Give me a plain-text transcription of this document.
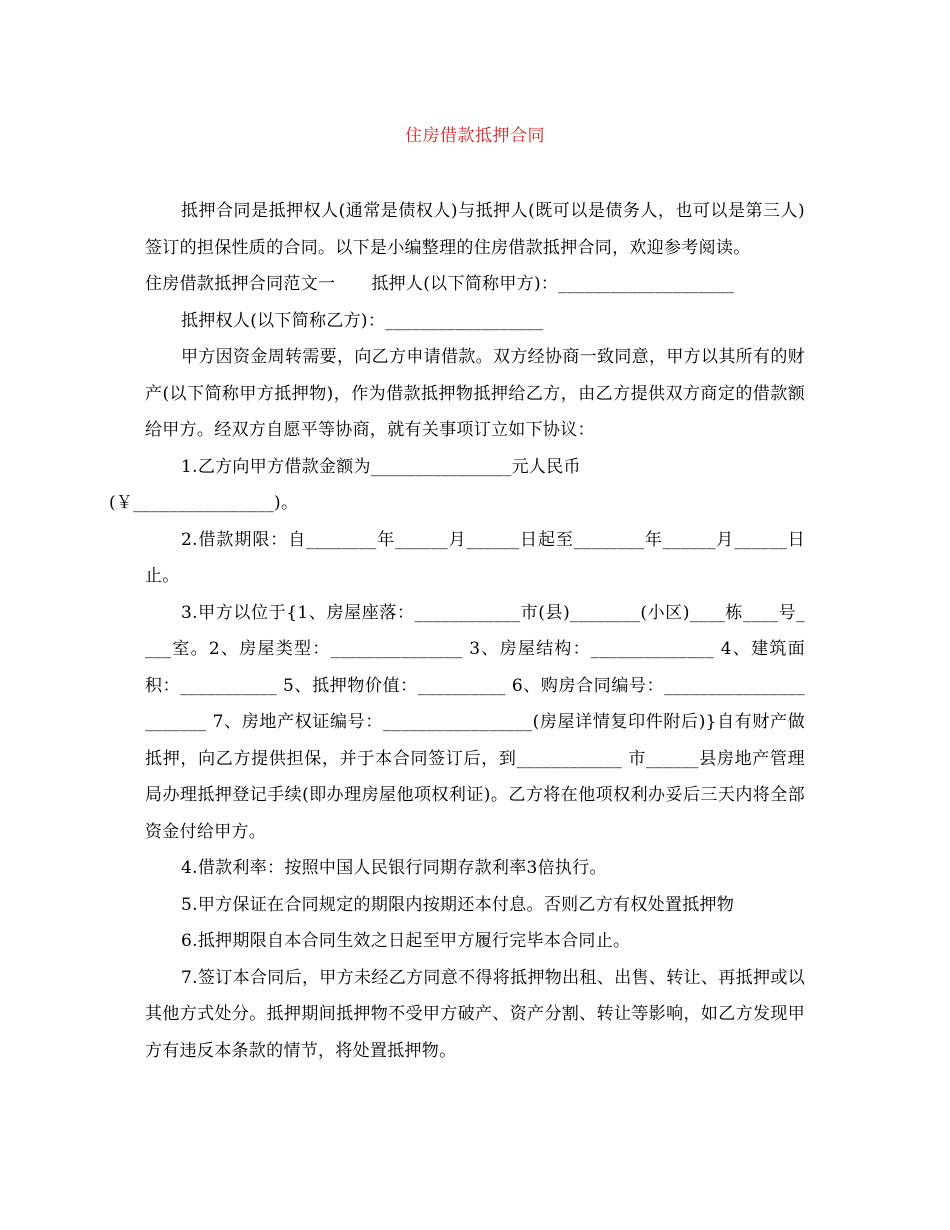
住房借款抵押合同

抵押合同是抵押权人(通常是债权人)与抵押人(既可以是债务人，也可以是第三人)签订的担保性质的合同。以下是小编整理的住房借款抵押合同，欢迎参考阅读。

住房借款抵押合同范文一 抵押人(以下简称甲方)：____________________

抵押权人(以下简称乙方)：__________________

甲方因资金周转需要，向乙方申请借款。双方经协商一致同意，甲方以其所有的财产(以下简称甲方抵押物)，作为借款抵押物抵押给乙方，由乙方提供双方商定的借款额给甲方。经双方自愿平等协商，就有关事项订立如下协议：

1.乙方向甲方借款金额为________________元人民币
(￥________________)。

2.借款期限：自________年______月______日起至________年______月______日止。

3.甲方以位于{1、房屋座落：____________市(县)________(小区)____栋____号____室。2、房屋类型：_______________ 3、房屋结构：______________ 4、建筑面积：___________ 5、抵押物价值：__________ 6、购房合同编号：_______________________ 7、房地产权证编号：_________________(房屋详情复印件附后)}自有财产做抵押，向乙方提供担保，并于本合同签订后，到____________ 市______县房地产管理局办理抵押登记手续(即办理房屋他项权利证)。乙方将在他项权利办妥后三天内将全部资金付给甲方。

4.借款利率：按照中国人民银行同期存款利率3倍执行。

5.甲方保证在合同规定的期限内按期还本付息。否则乙方有权处置抵押物

6.抵押期限自本合同生效之日起至甲方履行完毕本合同止。

7.签订本合同后，甲方未经乙方同意不得将抵押物出租、出售、转让、再抵押或以其他方式处分。抵押期间抵押物不受甲方破产、资产分割、转让等影响，如乙方发现甲方有违反本条款的情节，将处置抵押物。
